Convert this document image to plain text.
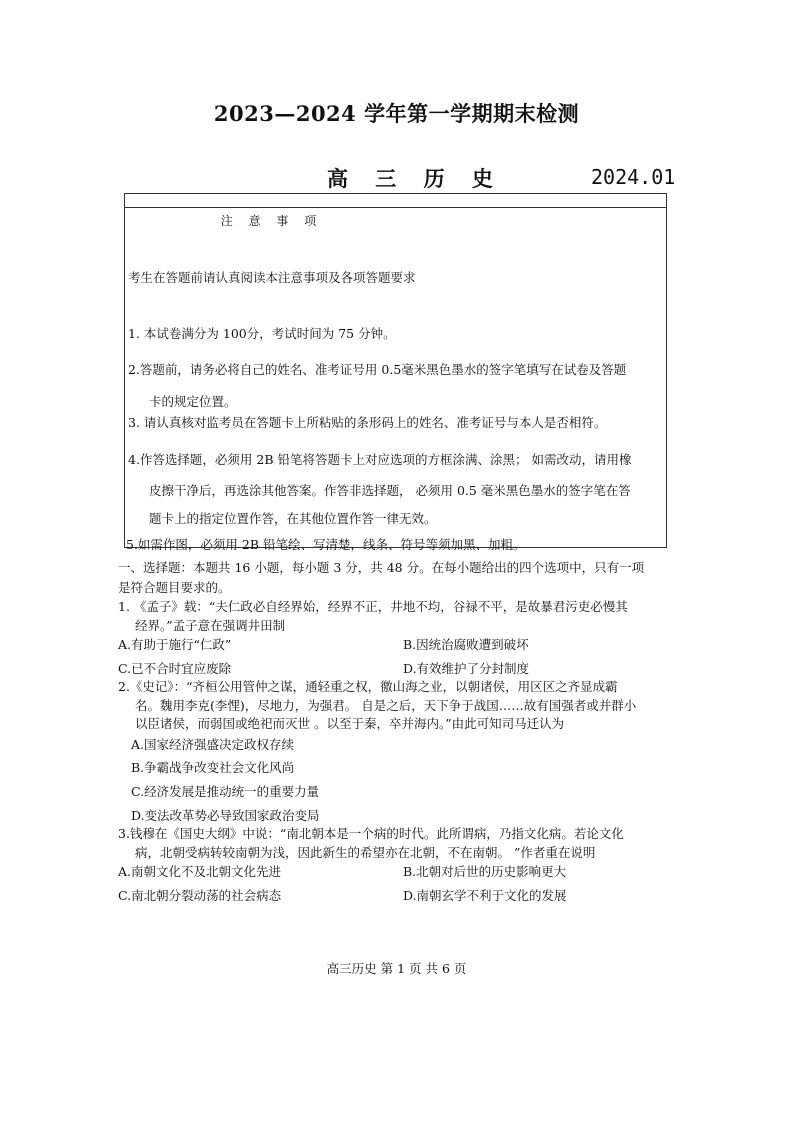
2023—2024 学年第一学期期末检测
高 三 历 史	2024.01
注 意 事 项
考生在答题前请认真阅读本注意事项及各项答题要求
1. 本试卷满分为 100分，考试时间为 75 分钟。
2.答题前，请务必将自己的姓名、准考证号用 0.5毫米黑色墨水的签字笔填写在试卷及答题
卡的规定位置。
3. 请认真核对监考员在答题卡上所粘贴的条形码上的姓名、准考证号与本人是否相符。
4.作答选择题，必须用 2B 铅笔将答题卡上对应选项的方框涂满、涂黑； 如需改动，请用橡
皮擦干净后，再选涂其他答案。作答非选择题， 必须用 0.5 毫米黑色墨水的签字笔在答
题卡上的指定位置作答，在其他位置作答一律无效。
5.如需作图，必须用 2B 铅笔绘、写清楚，线条、符号等须加黑、加粗。
一、选择题：本题共 16 小题，每小题 3 分，共 48 分。在每小题给出的四个选项中，只有一项
是符合题目要求的。
1. 《孟子》载：“夫仁政必自经界始，经界不正，井地不均，谷禄不平，是故暴君污吏必慢其
经界。”孟子意在强调井田制
A.有助于施行“仁政”	B.因统治腐败遭到破坏
C.已不合时宜应废除	D.有效维护了分封制度
2.《史记》：“齐桓公用管仲之谋，通轻重之权，徼山海之业，以朝诸侯，用区区之齐显成霸
名。魏用李克(李悝)，尽地力，为强君。 自是之后，天下争于战国……故有国强者或并群小
以臣诸侯，而弱国或绝祀而灭世 。以至于秦，卒并海内。”由此可知司马迁认为
A.国家经济强盛决定政权存续
B.争霸战争改变社会文化风尚
C.经济发展是推动统一的重要力量
D.变法改革势必导致国家政治变局
3.钱穆在《国史大纲》中说：“南北朝本是一个病的时代。此所谓病，乃指文化病。若论文化
病，北朝受病转较南朝为浅，因此新生的希望亦在北朝，不在南朝。 ”作者重在说明
A.南朝文化不及北朝文化先进	B.北朝对后世的历史影响更大
C.南北朝分裂动荡的社会病态	D.南朝玄学不利于文化的发展
高三历史 第 1 页 共 6 页
